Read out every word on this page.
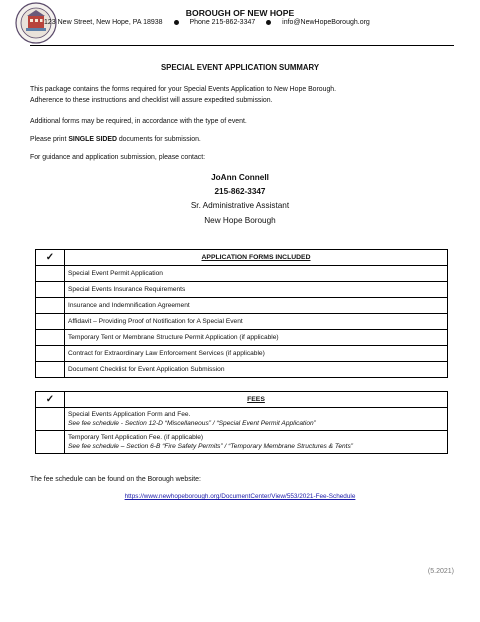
BOROUGH OF NEW HOPE
123 New Street, New Hope, PA 18938	Phone 215-862-3347	info@NewHopeBorough.org
SPECIAL EVENT APPLICATION SUMMARY
This package contains the forms required for your Special Events Application to New Hope Borough.
Adherence to these instructions and checklist will assure expedited submission.
Additional forms may be required, in accordance with the type of event.
Please print SINGLE SIDED documents for submission.
For guidance and application submission, please contact:
JoAnn Connell
215-862-3347
Sr. Administrative Assistant
New Hope Borough
✓	APPLICATION FORMS INCLUDED
	Special Event Permit Application
	Special Events Insurance Requirements
	Insurance and Indemnification Agreement
	Affidavit – Providing Proof of Notification for A Special Event
	Temporary Tent or Membrane Structure Permit Application (if applicable)
	Contract for Extraordinary Law Enforcement Services (if applicable)
	Document Checklist for Event Application Submission
✓	FEES

	Special Events Application Form and Fee.
See fee schedule - Section 12-D “Miscellaneous” / “Special Event Permit Application”

	Temporary Tent Application Fee. (if applicable)
See fee schedule – Section 6-B “Fire Safety Permits” / “Temporary Membrane Structures & Tents”
The fee schedule can be found on the Borough website:
https://www.newhopeborough.org/DocumentCenter/View/553/2021-Fee-Schedule
(5.2021)
